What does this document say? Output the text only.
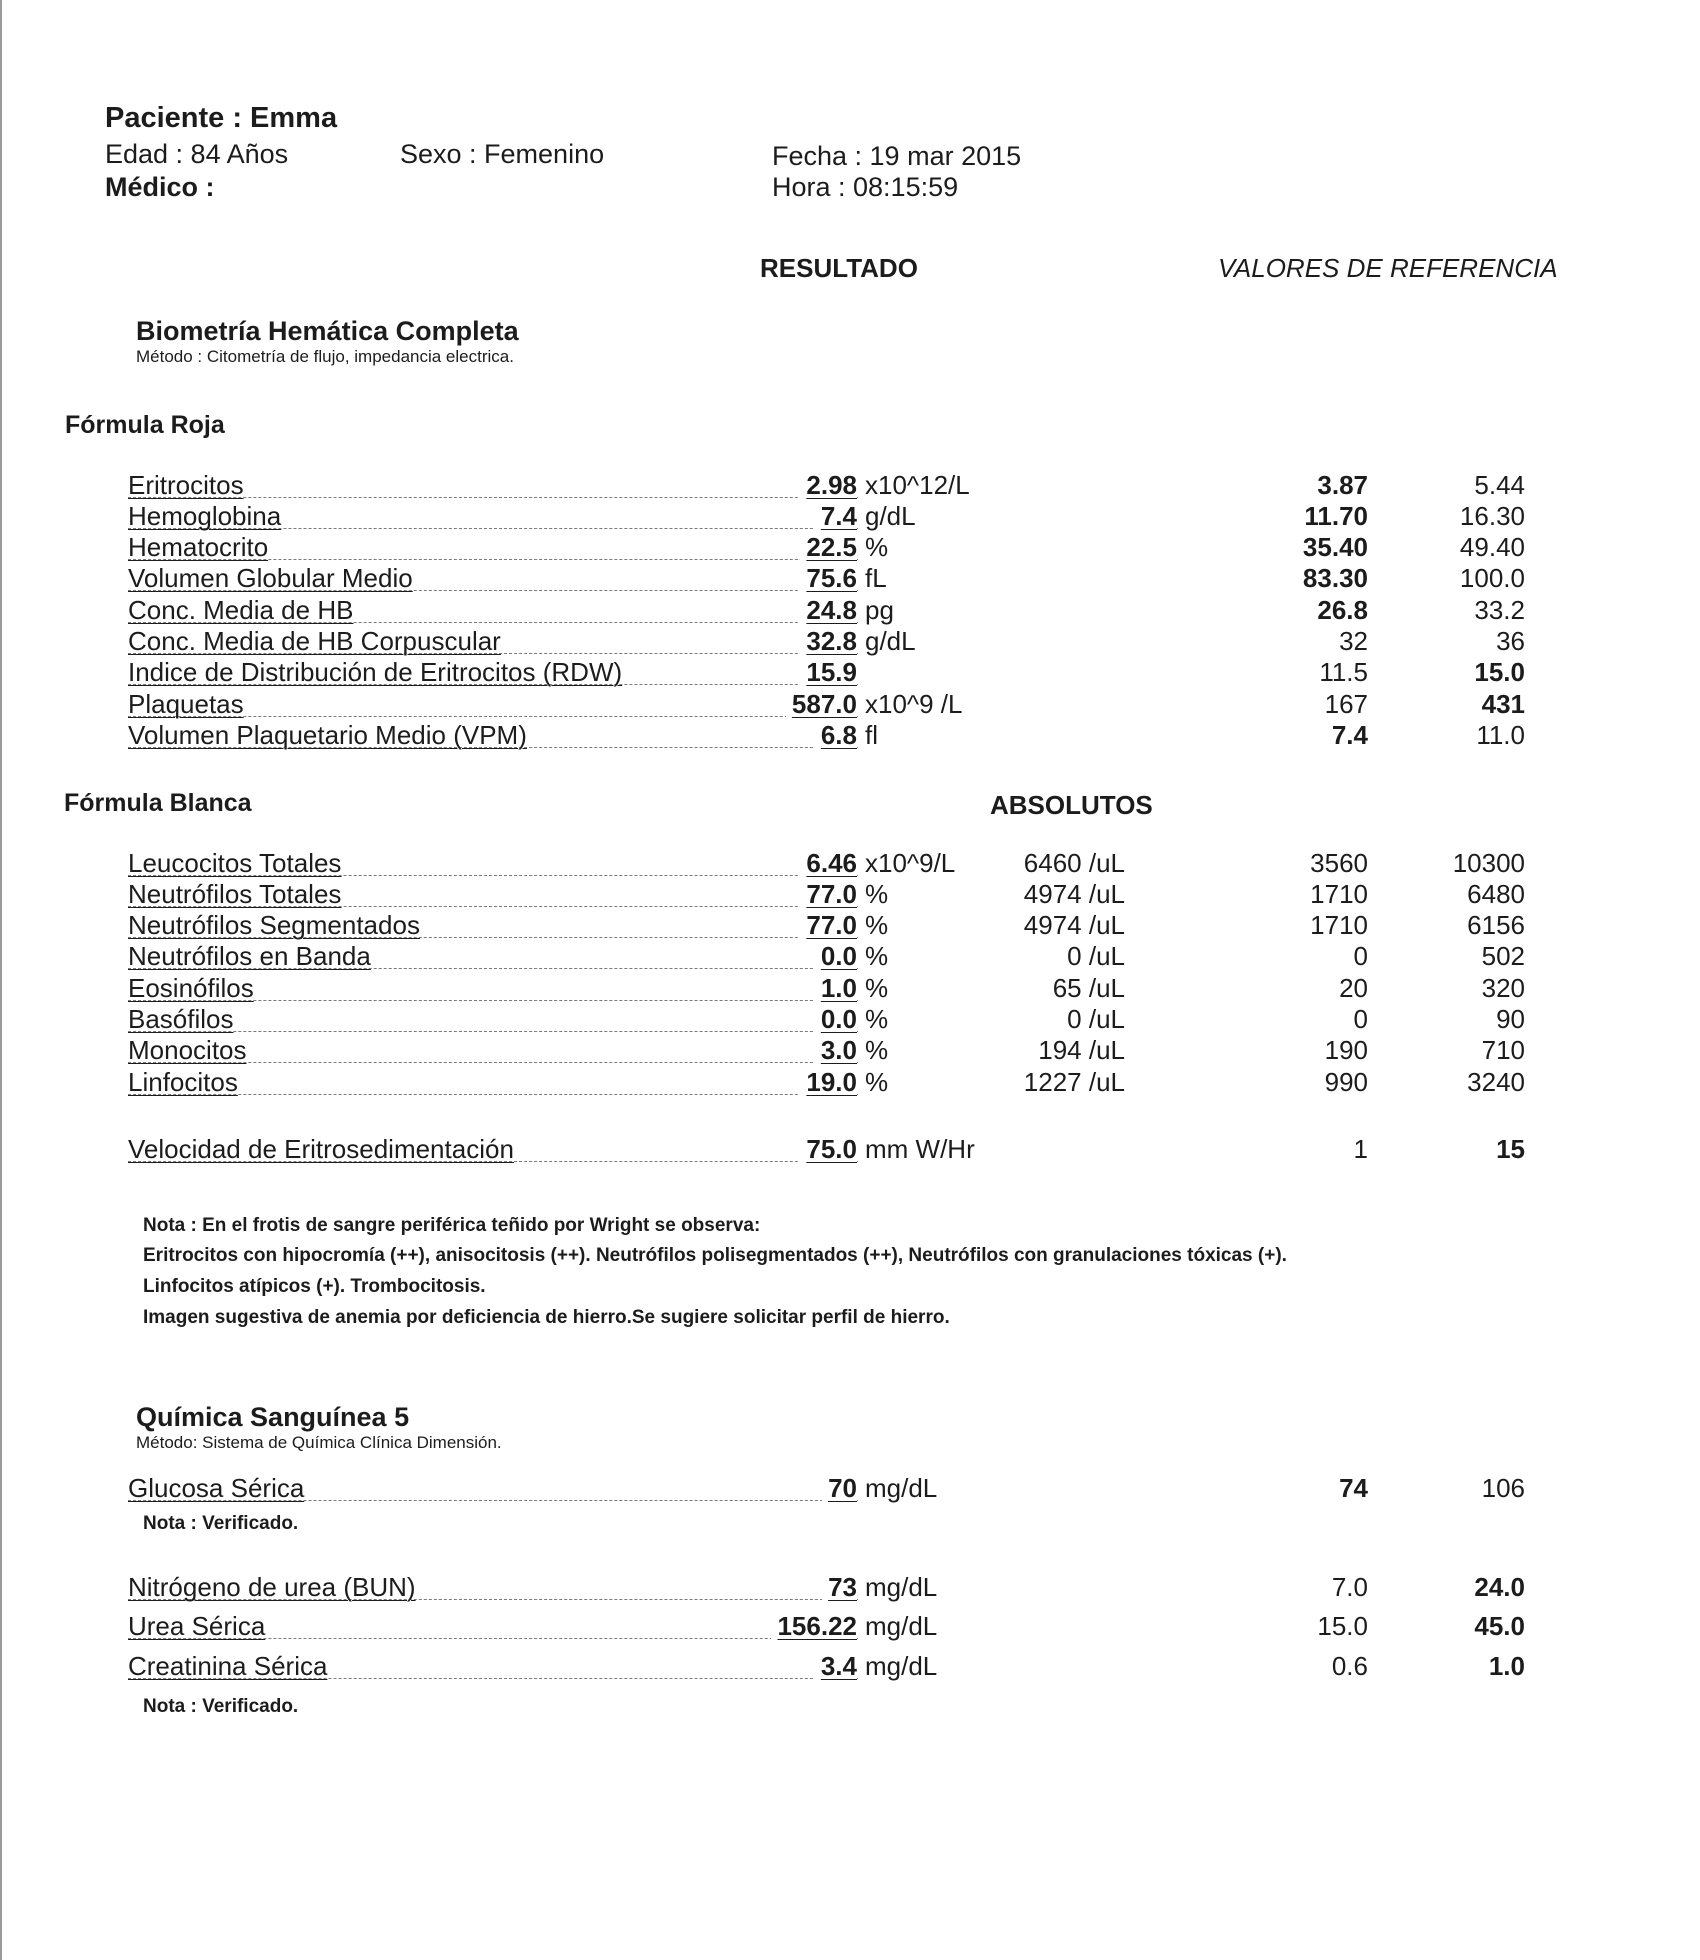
Paciente : Emma
Edad : 84 Años	Sexo : Femenino
Médico :
Fecha : 19 mar 2015
Hora : 08:15:59
RESULTADO	VALORES DE REFERENCIA
Biometría Hemática Completa
Método : Citometría de flujo, impedancia electrica.
Fórmula Roja
Eritrocitos	2.98 x10^12/L	3.87	5.44
Hemoglobina	7.4 g/dL	11.70	16.30
Hematocrito	22.5 %	35.40	49.40
Volumen Globular Medio	75.6 fL	83.30	100.0
Conc. Media de HB	24.8 pg	26.8	33.2
Conc. Media de HB Corpuscular	32.8 g/dL	32	36
Indice de Distribución de Eritrocitos (RDW)	15.9	11.5	15.0
Plaquetas	587.0 x10^9 /L	167	431
Volumen Plaquetario Medio (VPM)	6.8 fl	7.4	11.0
Fórmula Blanca	ABSOLUTOS
Leucocitos Totales	6.46 x10^9/L	6460 /uL	3560	10300
Neutrófilos Totales	77.0 %	4974 /uL	1710	6480
Neutrófilos Segmentados	77.0 %	4974 /uL	1710	6156
Neutrófilos en Banda	0.0 %	0 /uL	0	502
Eosinófilos	1.0 %	65 /uL	20	320
Basófilos	0.0 %	0 /uL	0	90
Monocitos	3.0 %	194 /uL	190	710
Linfocitos	19.0 %	1227 /uL	990	3240
Velocidad de Eritrosedimentación	75.0 mm W/Hr	1	15
Nota : En el frotis de sangre periférica teñido por Wright se observa:
Eritrocitos con hipocromía (++), anisocitosis (++). Neutrófilos polisegmentados (++), Neutrófilos con granulaciones tóxicas (+).
Linfocitos atípicos (+). Trombocitosis.
Imagen sugestiva de anemia por deficiencia de hierro.Se sugiere solicitar perfil de hierro.
Química Sanguínea 5
Método: Sistema de Química Clínica Dimensión.
Glucosa Sérica	70 mg/dL	74	106
Nota : Verificado.
Nitrógeno de urea (BUN)	73 mg/dL	7.0	24.0
Urea Sérica	156.22 mg/dL	15.0	45.0
Creatinina Sérica	3.4 mg/dL	0.6	1.0
Nota : Verificado.
